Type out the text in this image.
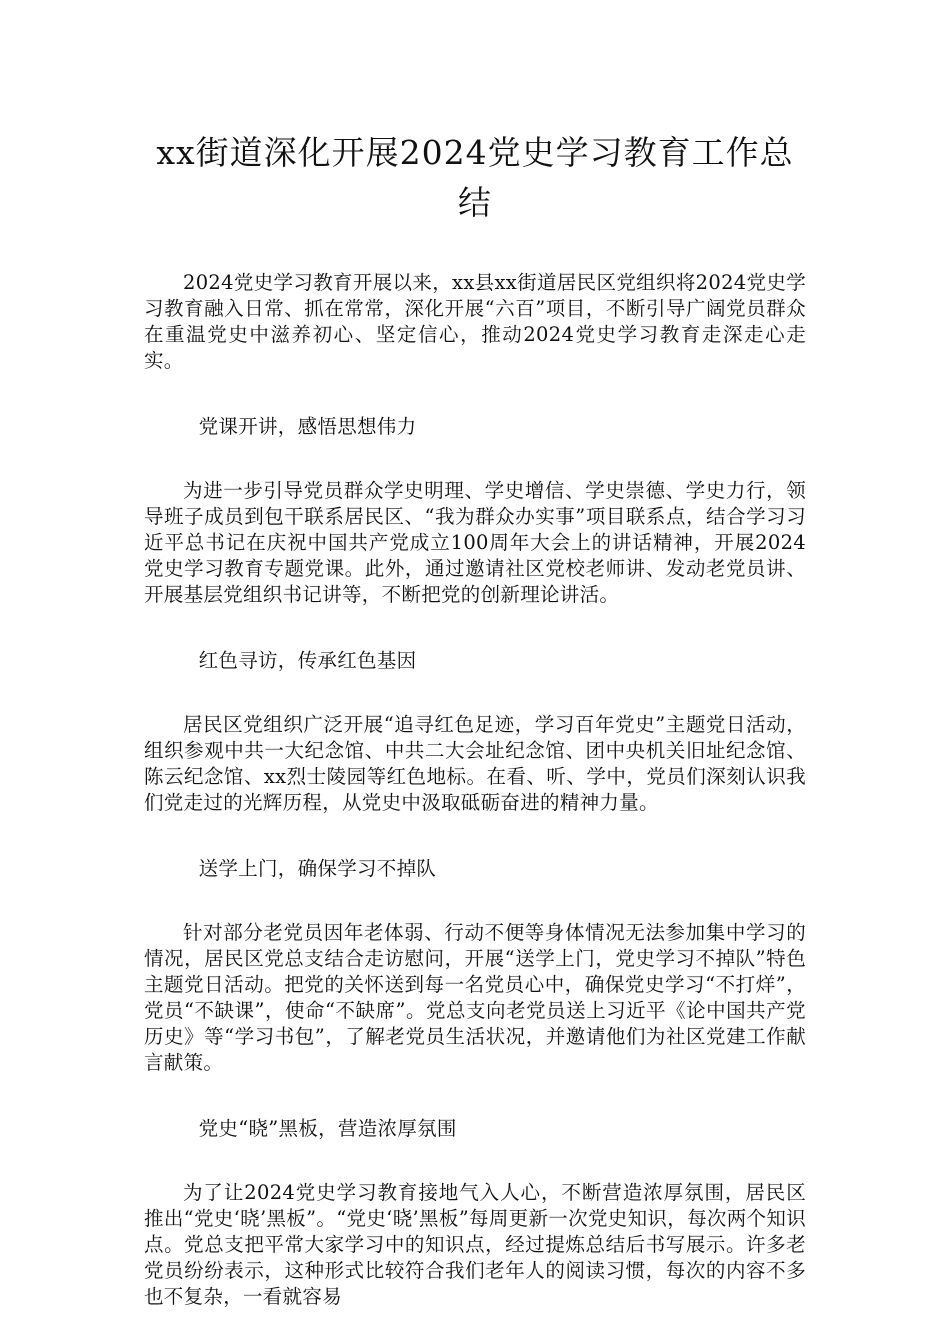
xx街道深化开展2024党史学习教育工作总结

2024党史学习教育开展以来，xx县xx街道居民区党组织将2024党史学习教育融入日常、抓在常常，深化开展“六百”项目，不断引导广阔党员群众在重温党史中滋养初心、坚定信心，推动2024党史学习教育走深走心走实。

党课开讲，感悟思想伟力

为进一步引导党员群众学史明理、学史增信、学史崇德、学史力行，领导班子成员到包干联系居民区、“我为群众办实事”项目联系点，结合学习习近平总书记在庆祝中国共产党成立100周年大会上的讲话精神，开展2024党史学习教育专题党课。此外，通过邀请社区党校老师讲、发动老党员讲、开展基层党组织书记讲等，不断把党的创新理论讲活。

红色寻访，传承红色基因

居民区党组织广泛开展“追寻红色足迹，学习百年党史”主题党日活动，组织参观中共一大纪念馆、中共二大会址纪念馆、团中央机关旧址纪念馆、陈云纪念馆、xx烈士陵园等红色地标。在看、听、学中，党员们深刻认识我们党走过的光辉历程，从党史中汲取砥砺奋进的精神力量。

送学上门，确保学习不掉队

针对部分老党员因年老体弱、行动不便等身体情况无法参加集中学习的情况，居民区党总支结合走访慰问，开展“送学上门，党史学习不掉队”特色主题党日活动。把党的关怀送到每一名党员心中，确保党史学习“不打烊”，党员“不缺课”，使命“不缺席”。党总支向老党员送上习近平《论中国共产党历史》等“学习书包”，了解老党员生活状况，并邀请他们为社区党建工作献言献策。

党史“晓”黑板，营造浓厚氛围

为了让2024党史学习教育接地气入人心，不断营造浓厚氛围，居民区推出“党史‘晓’黑板”。“党史‘晓’黑板”每周更新一次党史知识，每次两个知识点。党总支把平常大家学习中的知识点，经过提炼总结后书写展示。许多老党员纷纷表示，这种形式比较符合我们老年人的阅读习惯，每次的内容不多也不复杂，一看就容易
